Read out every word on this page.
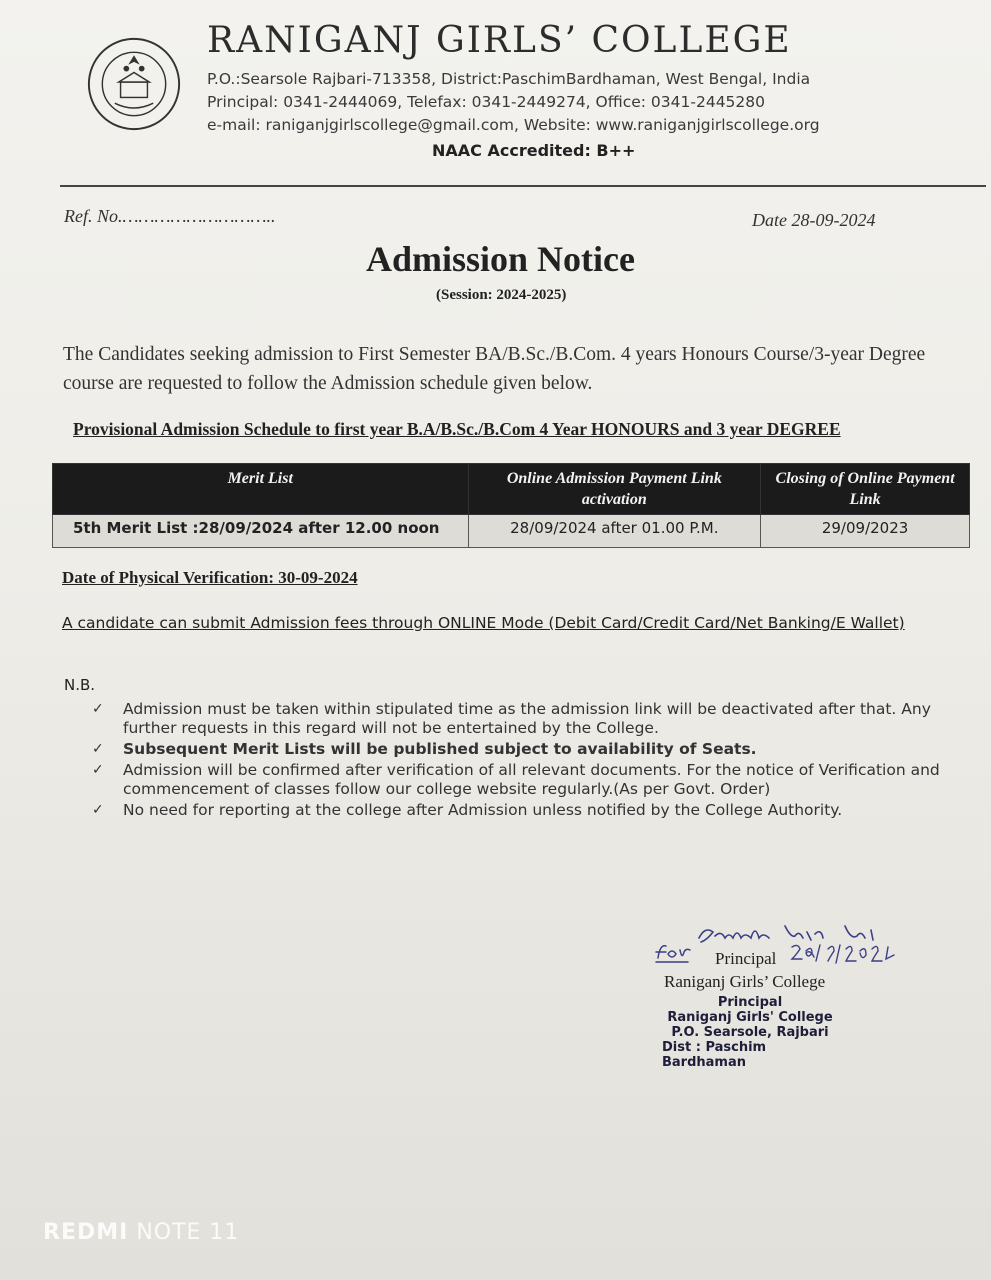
RANIGANJ GIRLS’ COLLEGE
P.O.:Searsole Rajbari-713358, District:PaschimBardhaman, West Bengal, India
Principal: 0341-2444069, Telefax: 0341-2449274, Office: 0341-2445280
e-mail: raniganjgirlscollege@gmail.com, Website: www.raniganjgirlscollege.org
NAAC Accredited: B++
Ref. No.………………………..	Date 28-09-2024
Admission Notice
(Session: 2024-2025)
The Candidates seeking admission to First Semester BA/B.Sc./B.Com. 4 years Honours Course/3-year Degree course are requested to follow the Admission schedule given below.
Provisional Admission Schedule to first year B.A/B.Sc./B.Com 4 Year HONOURS and 3 year DEGREE
Merit List	Online Admission Payment Link activation	Closing of Online Payment Link
5th Merit List :28/09/2024 after 12.00 noon	28/09/2024 after 01.00 P.M.	29/09/2023
Date of Physical Verification: 30-09-2024
A candidate can submit Admission fees through ONLINE Mode (Debit Card/Credit Card/Net Banking/E Wallet)
N.B.
✓ Admission must be taken within stipulated time as the admission link will be deactivated after that. Any further requests in this regard will not be entertained by the College.
✓ Subsequent Merit Lists will be published subject to availability of Seats.
✓ Admission will be confirmed after verification of all relevant documents. For the notice of Verification and commencement of classes follow our college website regularly.(As per Govt. Order)
✓ No need for reporting at the college after Admission unless notified by the College Authority.
Principal
Raniganj Girls’ College
Principal
Raniganj Girls' College
P.O. Searsole, Rajbari
Dist : Paschim Bardhaman
REDMI NOTE 11
